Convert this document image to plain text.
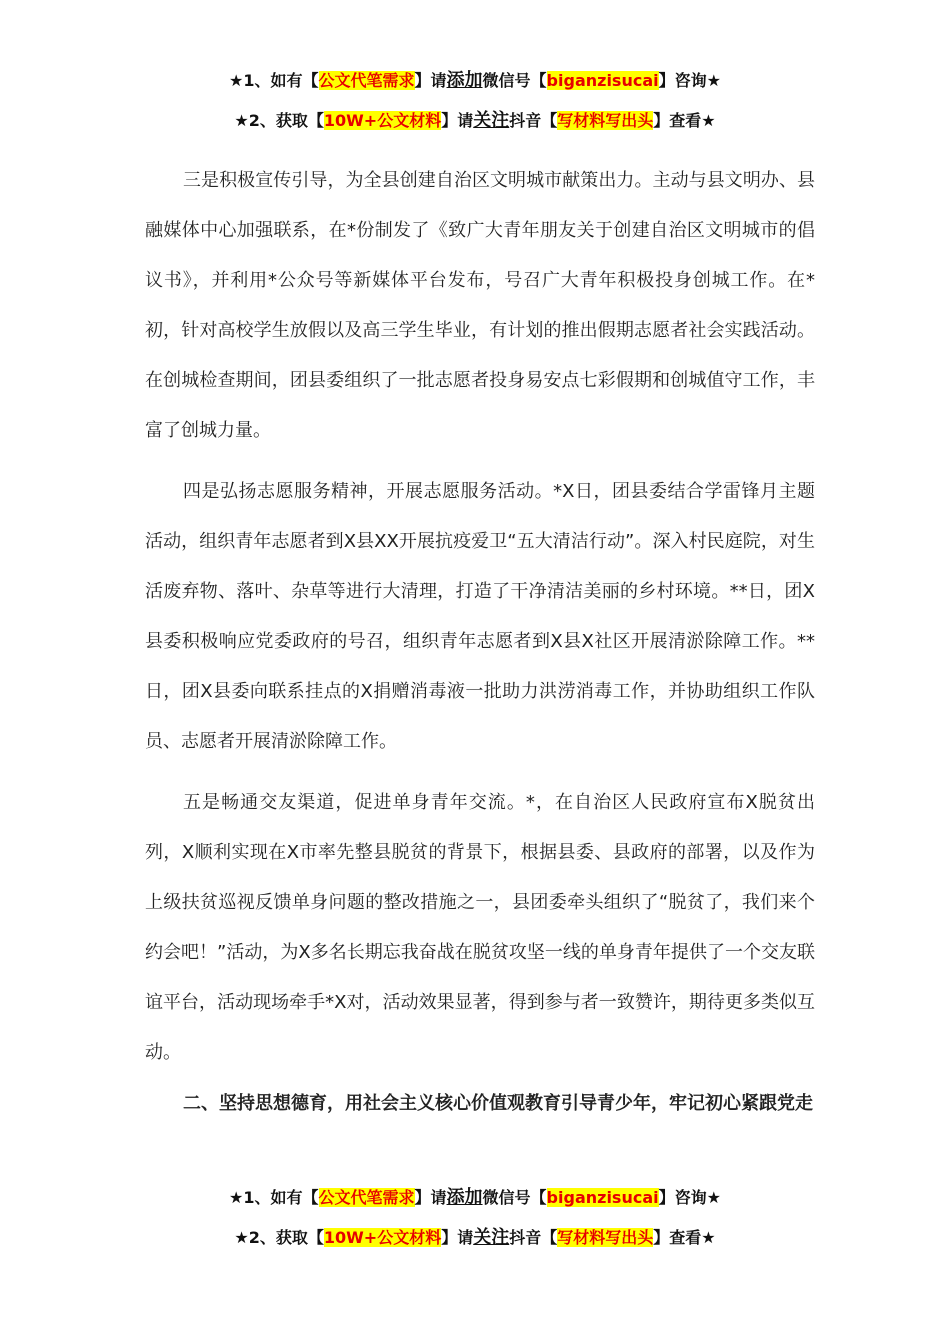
★1、如有【公文代笔需求】请添加微信号【biganzisucai】咨询★
★2、获取【10W+公文材料】请关注抖音【写材料写出头】查看★

三是积极宣传引导，为全县创建自治区文明城市献策出力。主动与县文明办、县融媒体中心加强联系，在*份制发了《致广大青年朋友关于创建自治区文明城市的倡议书》，并利用*公众号等新媒体平台发布，号召广大青年积极投身创城工作。在*初，针对高校学生放假以及高三学生毕业，有计划的推出假期志愿者社会实践活动。在创城检查期间，团县委组织了一批志愿者投身易安点七彩假期和创城值守工作，丰富了创城力量。

四是弘扬志愿服务精神，开展志愿服务活动。*X日，团县委结合学雷锋月主题活动，组织青年志愿者到X县XX开展抗疫爱卫“五大清洁行动”。深入村民庭院，对生活废弃物、落叶、杂草等进行大清理，打造了干净清洁美丽的乡村环境。**日，团X县委积极响应党委政府的号召，组织青年志愿者到X县X社区开展清淤除障工作。**日，团X县委向联系挂点的X捐赠消毒液一批助力洪涝消毒工作，并协助组织工作队员、志愿者开展清淤除障工作。

五是畅通交友渠道，促进单身青年交流。*，在自治区人民政府宣布X脱贫出列，X顺利实现在X市率先整县脱贫的背景下，根据县委、县政府的部署，以及作为上级扶贫巡视反馈单身问题的整改措施之一，县团委牵头组织了“脱贫了，我们来个约会吧！”活动，为X多名长期忘我奋战在脱贫攻坚一线的单身青年提供了一个交友联谊平台，活动现场牵手*X对，活动效果显著，得到参与者一致赞许，期待更多类似互动。

二、坚持思想德育，用社会主义核心价值观教育引导青少年，牢记初心紧跟党走

★1、如有【公文代笔需求】请添加微信号【biganzisucai】咨询★
★2、获取【10W+公文材料】请关注抖音【写材料写出头】查看★
